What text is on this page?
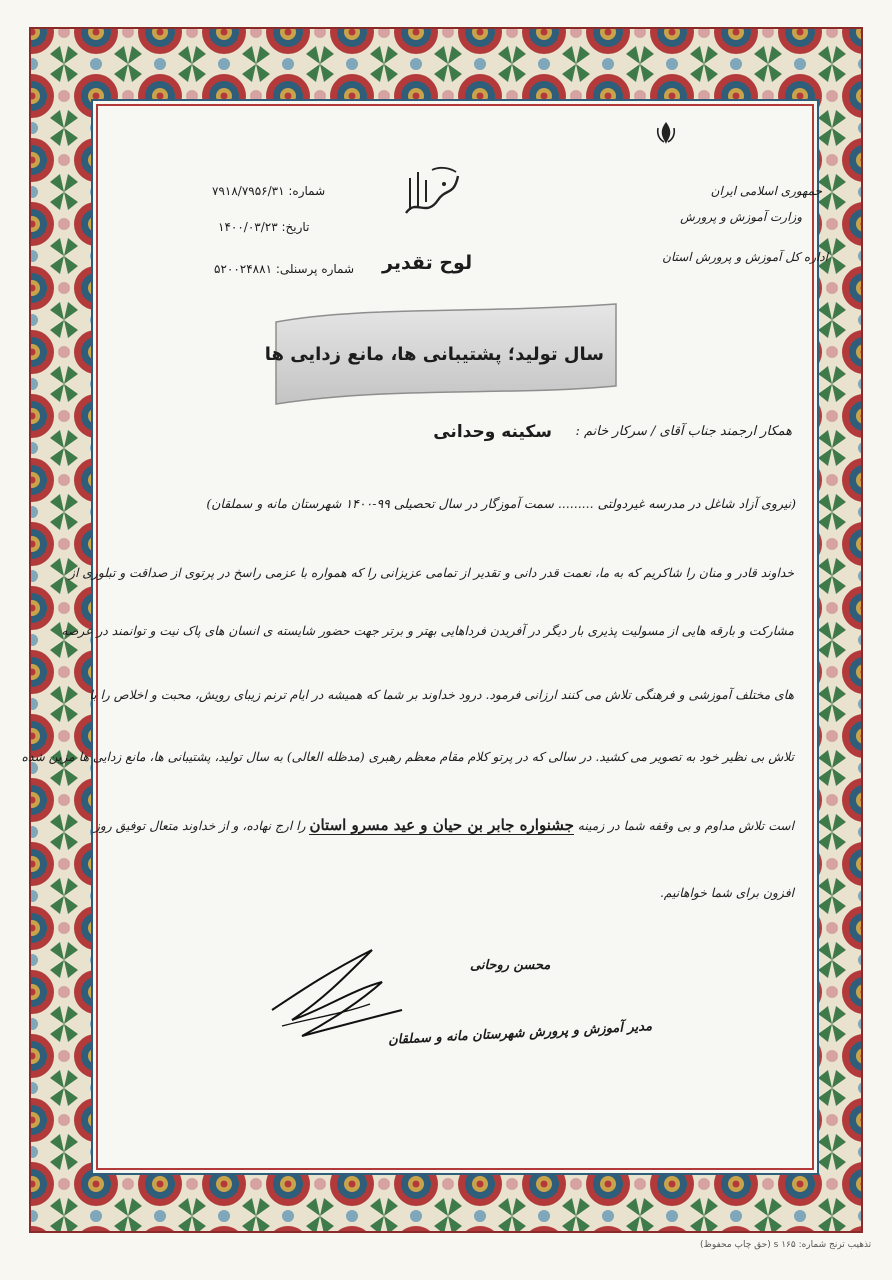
جمهوری اسلامی ایران
وزارت آموزش و پرورش
اداره کل آموزش و پرورش استان
شماره: ۷۹۱۸/۷۹۵۶/۳۱
تاریخ: ۱۴۰۰/۰۳/۲۳
شماره پرسنلی: ۵۲۰۰۲۴۸۸۱	لوح تقدیر
سال تولید؛ پشتیبانی ها، مانع زدایی ها
همکار ارجمند جناب آقای / سرکار خانم :
سکینه وحدانی
(نیروی آزاد شاغل در مدرسه غیردولتی ......... سمت آموزگار در سال تحصیلی ۹۹-۱۴۰۰ شهرستان مانه و سملقان)
خداوند قادر و منان را شاکریم که به ما، نعمت قدر دانی و تقدیر از تمامی عزیزانی را که همواره با عزمی راسخ در پرتوی از صداقت و تبلوری از
مشارکت و بارقه هایی از مسولیت پذیری بار دیگر در آفریدن فرداهایی بهتر و برتر جهت حضور شایسته ی انسان های پاک نیت و توانمند در عرصه
های مختلف آموزشی و فرهنگی تلاش می کنند ارزانی فرمود. درود خداوند بر شما که همیشه در ایام ترنم زیبای رویش، محبت و اخلاص را با
تلاش بی نظیر خود به تصویر می کشید. در سالی که در پرتو کلام مقام معظم رهبری (مدظله العالی) به سال تولید، پشتیبانی ها، مانع زدایی ها مزین شده
است تلاش مداوم و بی وقفه شما در زمینه جشنواره جابر بن حیان و عید مسرو استان را ارج نهاده، و از خداوند متعال توفیق روز
افزون برای شما خواهانیم.
محسن روحانی
مدیر آموزش و پرورش شهرستان مانه و سملقان
تذهیب ترنج شماره: ۱۶۵ s (حق چاپ محفوظ)
